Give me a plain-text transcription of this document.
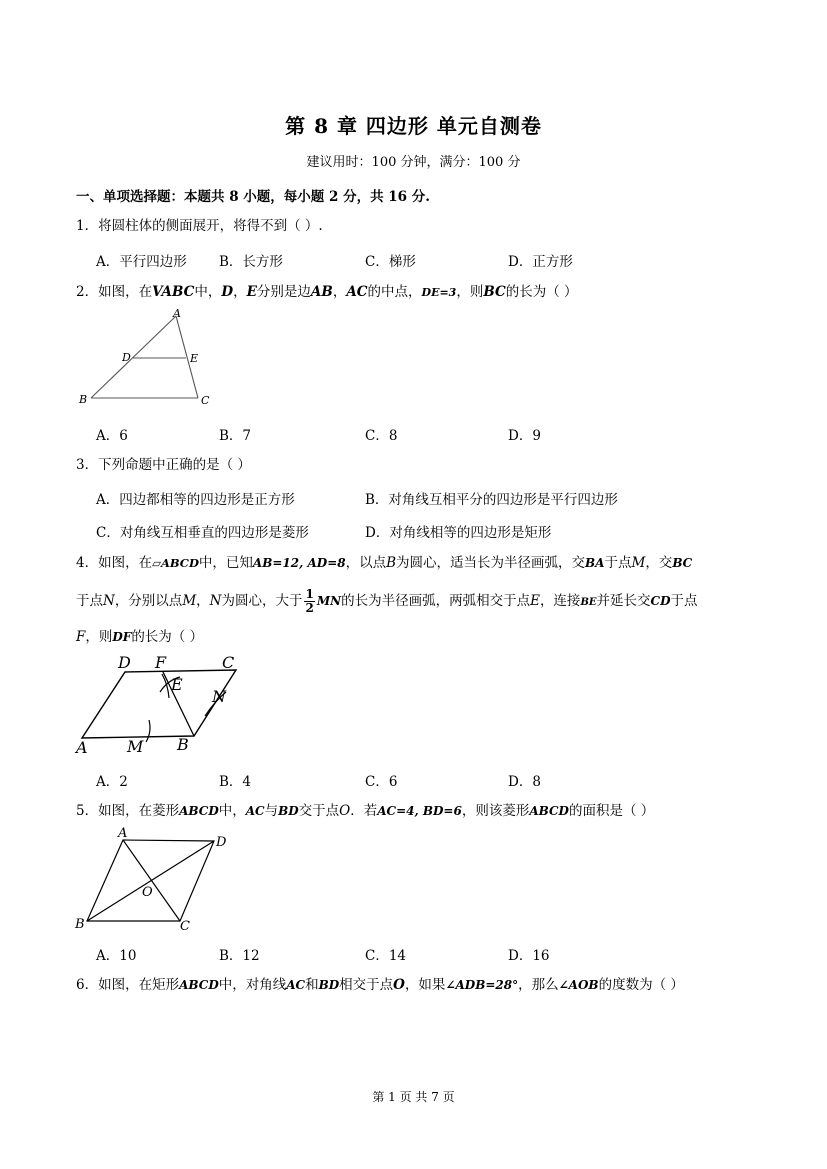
第 8 章 四边形 单元自测卷
建议用时：100 分钟，满分：100 分
一、单项选择题：本题共 8 小题，每小题 2 分，共 16 分.
1．将圆柱体的侧面展开，将得不到（ ）.
A．平行四边形 B．长方形	C．梯形	D．正方形
2．如图，在VABC中，D，E分别是边AB，AC的中点，DE=3，则BC的长为（ ）
A
D	E
B	C
A．6	B．7	C．8	D．9
3．下列命题中正确的是（ ）
A．四边都相等的四边形是正方形	B．对角线互相平分的四边形是平行四边形
C．对角线互相垂直的四边形是菱形	D．对角线相等的四边形是矩形
4．如图，在▱ABCD中，已知AB=12, AD=8，以点B为圆心，适当长为半径画弧，交BA于点M，交BC
于点N，分别以点M，N为圆心，大于 $\frac{1}{2}$ MN的长为半径画弧，两弧相交于点E，连接BE并延长交CD于点
F，则DF的长为（ ）
D F	C
E
N
A M B
A．2	B．4	C．6	D．8
5．如图，在菱形ABCD中，AC与BD交于点O．若AC=4, BD=6，则该菱形ABCD的面积是（ ）
A
D
O
B	C
A．10	B．12	C．14	D．16
6．如图，在矩形ABCD中，对角线AC和BD相交于点O，如果∠ADB=28°，那么∠AOB的度数为（ ）
第 1 页 共 7 页
